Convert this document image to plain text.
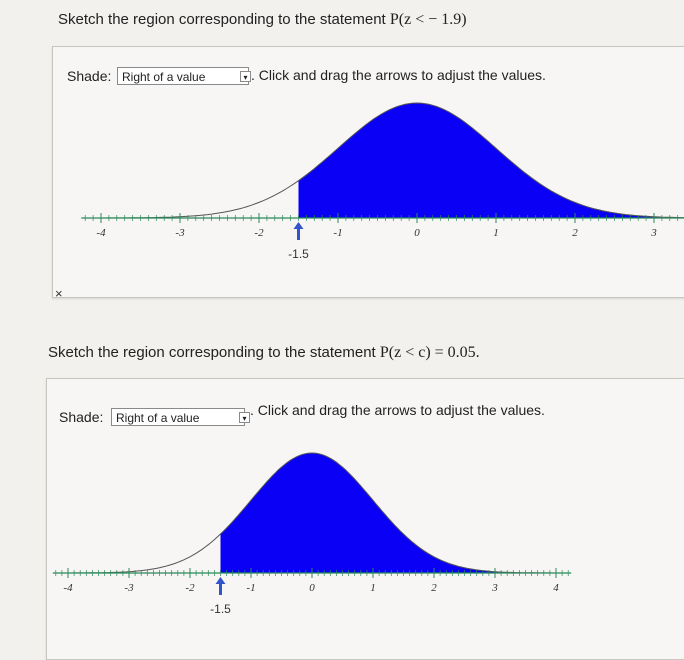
Sketch the region corresponding to the statement P(z < − 1.9)
Shade: Right of a value	▾ . Click and drag the arrows to adjust the values.
-4	-3	-2	-1	0	1	2	3
-1.5
×
Sketch the region corresponding to the statement P(z < c) = 0.05.
Shade:	Right of a value	▾
. Click and drag the arrows to adjust the values.
-4	-3	-2	-1	0	1	2	3	4
-1.5
